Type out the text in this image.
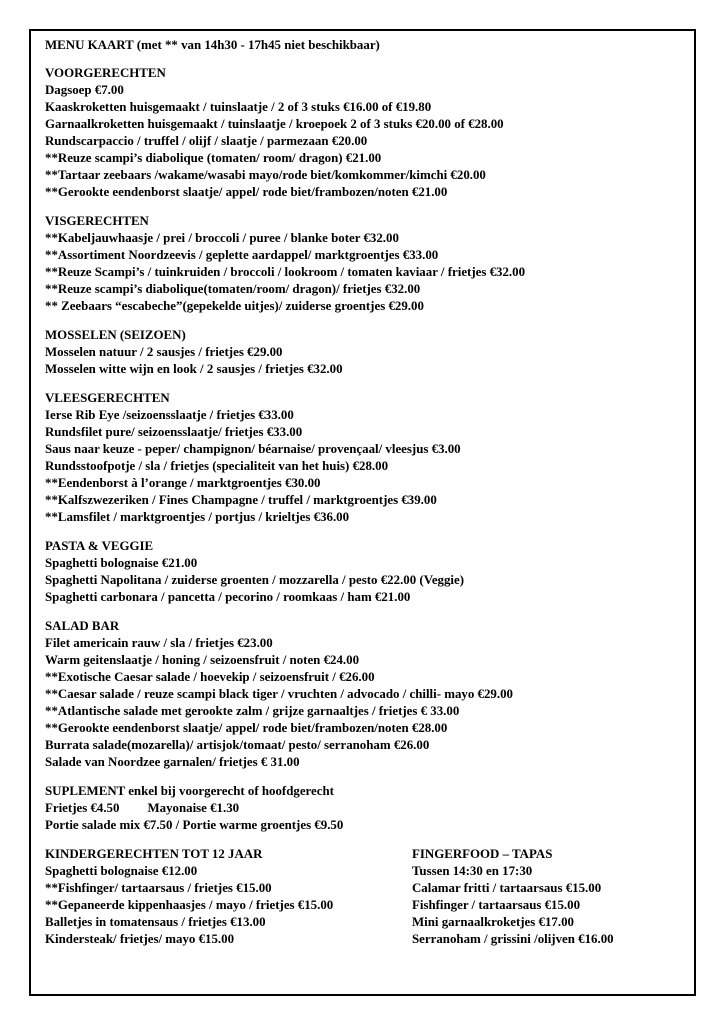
MENU KAART (met ** van 14h30 - 17h45 niet beschikbaar)
VOORGERECHTEN
Dagsoep €7.00
Kaaskroketten huisgemaakt / tuinslaatje / 2 of 3 stuks €16.00 of €19.80
Garnaalkroketten huisgemaakt / tuinslaatje / kroepoek 2 of 3 stuks €20.00 of €28.00
Rundscarpaccio / truffel / olijf / slaatje / parmezaan €20.00
**Reuze scampi’s diabolique (tomaten/ room/ dragon) €21.00
**Tartaar zeebaars /wakame/wasabi mayo/rode biet/komkommer/kimchi €20.00
**Gerookte eendenborst slaatje/ appel/ rode biet/frambozen/noten €21.00
VISGERECHTEN
**Kabeljauwhaasje / prei / broccoli / puree / blanke boter €32.00
**Assortiment Noordzeevis / geplette aardappel/ marktgroentjes €33.00
**Reuze Scampi’s / tuinkruiden / broccoli / lookroom / tomaten kaviaar / frietjes €32.00
**Reuze scampi’s diabolique(tomaten/room/ dragon)/ frietjes €32.00
** Zeebaars “escabeche”(gepekelde uitjes)/ zuiderse groentjes €29.00
MOSSELEN (SEIZOEN)
Mosselen natuur / 2 sausjes / frietjes €29.00
Mosselen witte wijn en look / 2 sausjes / frietjes €32.00
VLEESGERECHTEN
Ierse Rib Eye /seizoensslaatje / frietjes €33.00
Rundsfilet pure/ seizoensslaatje/ frietjes €33.00
Saus naar keuze - peper/ champignon/ béarnaise/ provençaal/ vleesjus €3.00
Rundsstoofpotje / sla / frietjes (specialiteit van het huis) €28.00
**Eendenborst à l’orange / marktgroentjes €30.00
**Kalfszwezeriken / Fines Champagne / truffel / marktgroentjes €39.00
**Lamsfilet / marktgroentjes / portjus / krieltjes €36.00
PASTA & VEGGIE
Spaghetti bolognaise €21.00
Spaghetti Napolitana / zuiderse groenten / mozzarella / pesto €22.00 (Veggie)
Spaghetti carbonara / pancetta / pecorino / roomkaas / ham €21.00
SALAD BAR
Filet americain rauw / sla / frietjes €23.00
Warm geitenslaatje / honing / seizoensfruit / noten €24.00
**Exotische Caesar salade / hoevekip / seizoensfruit / €26.00
**Caesar salade / reuze scampi black tiger / vruchten / advocado / chilli- mayo €29.00
**Atlantische salade met gerookte zalm / grijze garnaaltjes / frietjes € 33.00
**Gerookte eendenborst slaatje/ appel/ rode biet/frambozen/noten €28.00
Burrata salade(mozarella)/ artisjok/tomaat/ pesto/ serranoham €26.00
Salade van Noordzee garnalen/ frietjes € 31.00
SUPLEMENT enkel bij voorgerecht of hoofdgerecht
Frietjes €4.50 Mayonaise €1.30
Portie salade mix €7.50 / Portie warme groentjes €9.50
KINDERGERECHTEN TOT 12 JAAR
Spaghetti bolognaise €12.00
**Fishfinger/ tartaarsaus / frietjes €15.00
**Gepaneerde kippenhaasjes / mayo / frietjes €15.00
Balletjes in tomatensaus / frietjes €13.00
Kindersteak/ frietjes/ mayo €15.00
FINGERFOOD – TAPAS
Tussen 14:30 en 17:30
Calamar fritti / tartaarsaus €15.00
Fishfinger / tartaarsaus €15.00
Mini garnaalkroketjes €17.00
Serranoham / grissini /olijven €16.00
